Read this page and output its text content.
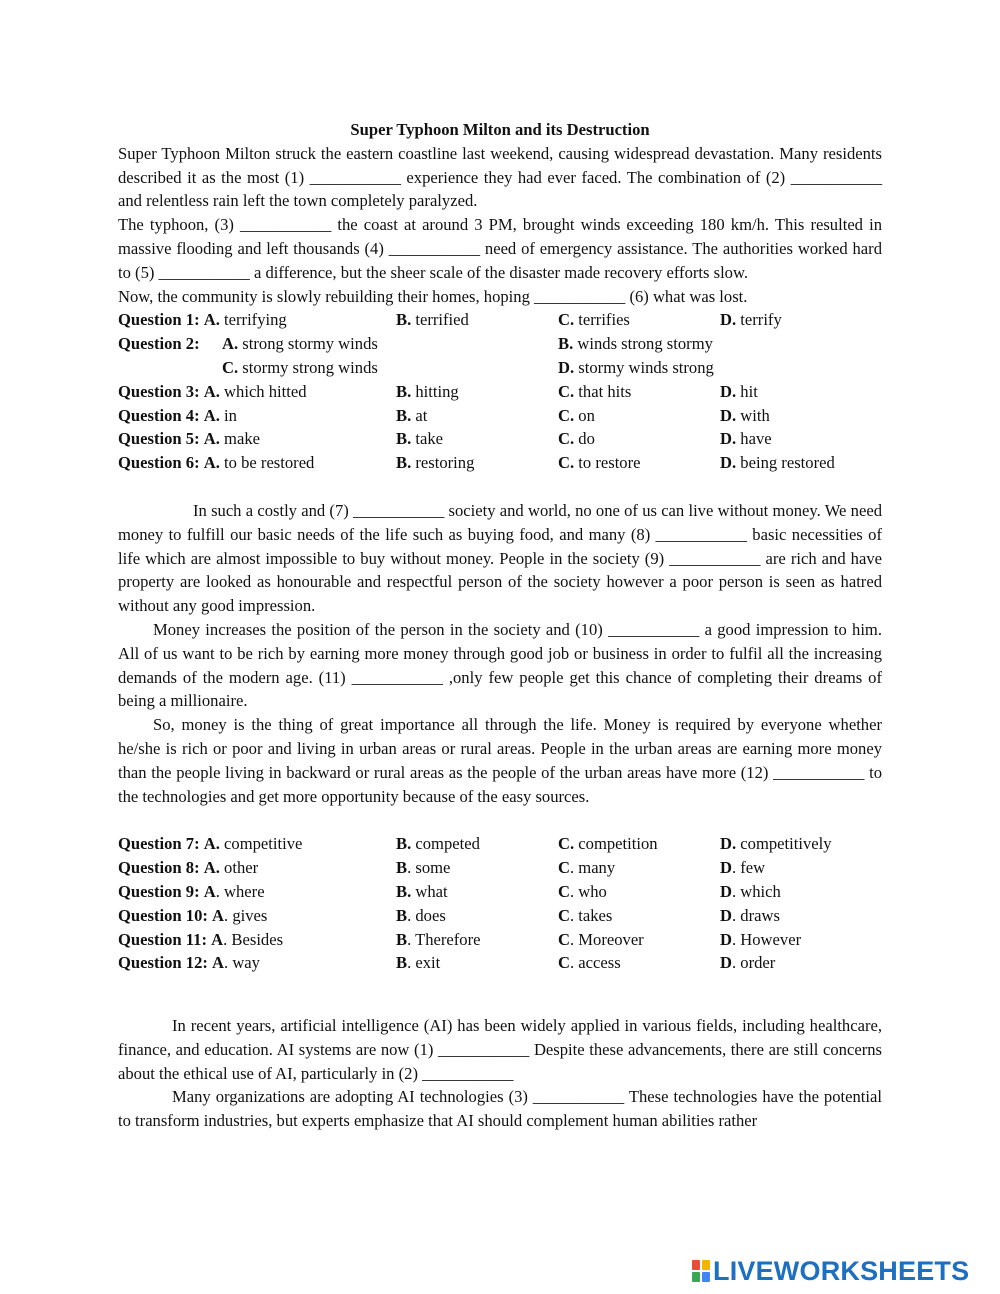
Super Typhoon Milton and its Destruction

Super Typhoon Milton struck the eastern coastline last weekend, causing widespread devastation. Many residents described it as the most (1) ___________ experience they had ever faced. The combination of (2) ___________ and relentless rain left the town completely paralyzed.

The typhoon, (3) ___________ the coast at around 3 PM, brought winds exceeding 180 km/h. This resulted in massive flooding and left thousands (4) ___________ need of emergency assistance. The authorities worked hard to (5) ___________ a difference, but the sheer scale of the disaster made recovery efforts slow.

Now, the community is slowly rebuilding their homes, hoping ___________ (6) what was lost.

Question 1: A. terrifying	B. terrified	C. terrifies	D. terrify
Question 2:	A. strong stormy winds	B. winds strong stormy
C. stormy strong winds	D. stormy winds strong
Question 3: A. which hitted	B. hitting	C. that hits	D. hit
Question 4: A. in	B. at	C. on	D. with
Question 5: A. make	B. take	C. do	D. have
Question 6: A. to be restored	B. restoring	C. to restore	D. being restored

In such a costly and (7) ___________ society and world, no one of us can live without money. We need money to fulfill our basic needs of the life such as buying food, and many (8) ___________ basic necessities of life which are almost impossible to buy without money. People in the society (9) ___________ are rich and have property are looked as honourable and respectful person of the society however a poor person is seen as hatred without any good impression.

Money increases the position of the person in the society and (10) ___________ a good impression to him. All of us want to be rich by earning more money through good job or business in order to fulfil all the increasing demands of the modern age. (11) ___________ ,only few people get this chance of completing their dreams of being a millionaire.

So, money is the thing of great importance all through the life. Money is required by everyone whether he/she is rich or poor and living in urban areas or rural areas. People in the urban areas are earning more money than the people living in backward or rural areas as the people of the urban areas have more (12) ___________ to the technologies and get more opportunity because of the easy sources.

Question 7: A. competitive	B. competed	C. competition	D. competitively
Question 8: A. other	B. some	C. many	D. few
Question 9: A. where	B. what	C. who	D. which
Question 10: A. gives	B. does	C. takes	D. draws
Question 11: A. Besides	B. Therefore	C. Moreover	D. However
Question 12: A. way	B. exit	C. access	D. order

In recent years, artificial intelligence (AI) has been widely applied in various fields, including healthcare, finance, and education. AI systems are now (1) ___________ Despite these advancements, there are still concerns about the ethical use of AI, particularly in (2) ___________

Many organizations are adopting AI technologies (3) ___________ These technologies have the potential to transform industries, but experts emphasize that AI should complement human abilities rather

LIVEWORKSHEETS
